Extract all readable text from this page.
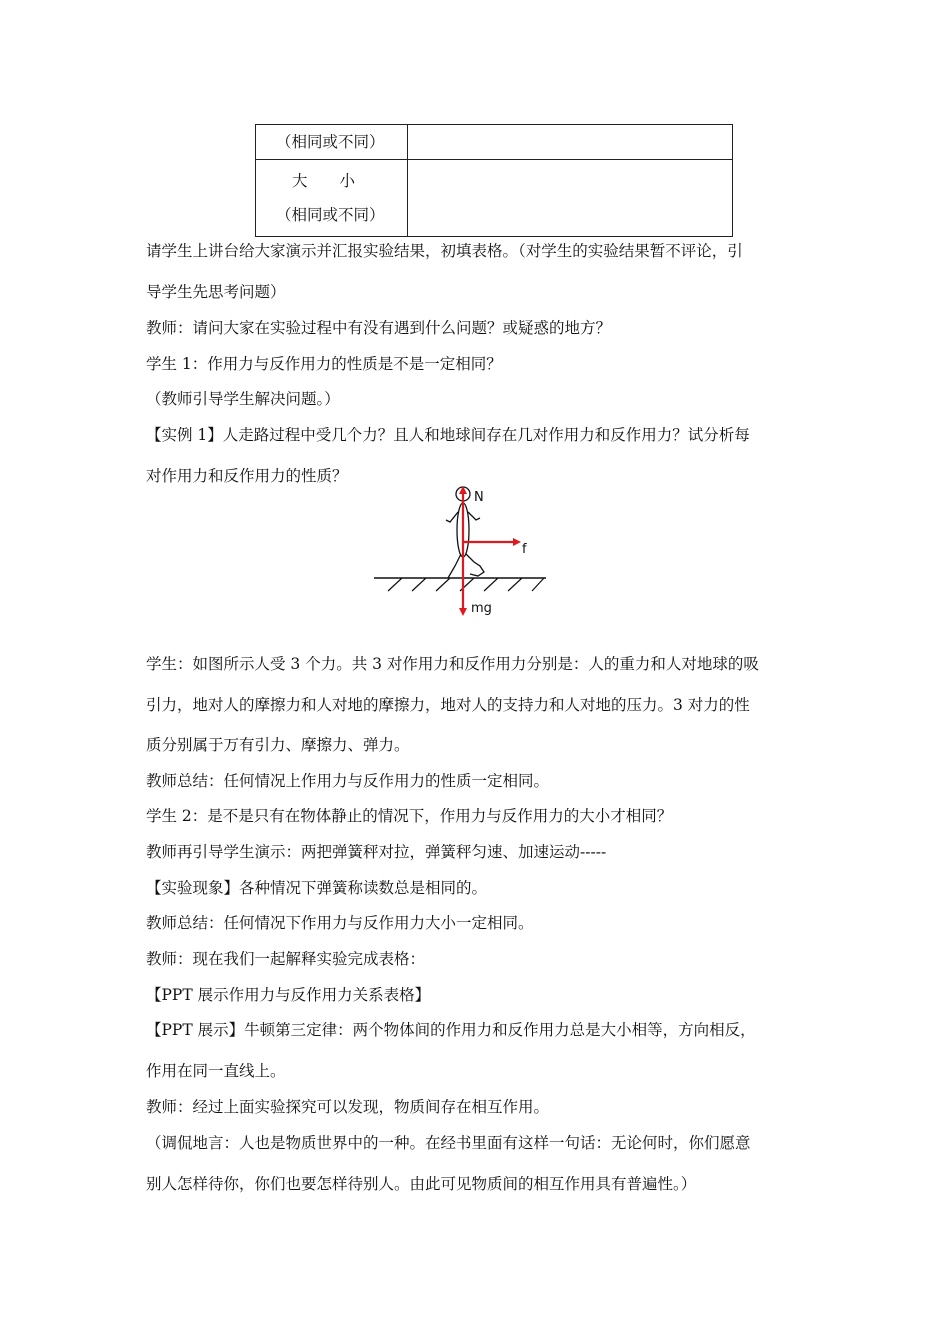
（相同或不同）	

大 小
（相同或不同）	

请学生上讲台给大家演示并汇报实验结果，初填表格。（对学生的实验结果暂不评论，引
导学生先思考问题）
教师：请问大家在实验过程中有没有遇到什么问题？或疑惑的地方？
学生 1：作用力与反作用力的性质是不是一定相同？
（教师引导学生解决问题。）
【实例 1】人走路过程中受几个力？且人和地球间存在几对作用力和反作用力？试分析每
对作用力和反作用力的性质？
N
f
mg
学生：如图所示人受 3 个力。共 3 对作用力和反作用力分别是：人的重力和人对地球的吸
引力，地对人的摩擦力和人对地的摩擦力，地对人的支持力和人对地的压力。3 对力的性
质分别属于万有引力、摩擦力、弹力。
教师总结：任何情况上作用力与反作用力的性质一定相同。
学生 2：是不是只有在物体静止的情况下，作用力与反作用力的大小才相同？
教师再引导学生演示：两把弹簧秤对拉，弹簧秤匀速、加速运动-----
【实验现象】各种情况下弹簧称读数总是相同的。
教师总结：任何情况下作用力与反作用力大小一定相同。
教师：现在我们一起解释实验完成表格：
【PPT 展示作用力与反作用力关系表格】
【PPT 展示】牛顿第三定律：两个物体间的作用力和反作用力总是大小相等，方向相反，
作用在同一直线上。
教师：经过上面实验探究可以发现，物质间存在相互作用。
（调侃地言：人也是物质世界中的一种。在经书里面有这样一句话：无论何时，你们愿意
别人怎样待你，你们也要怎样待别人。由此可见物质间的相互作用具有普遍性。）
